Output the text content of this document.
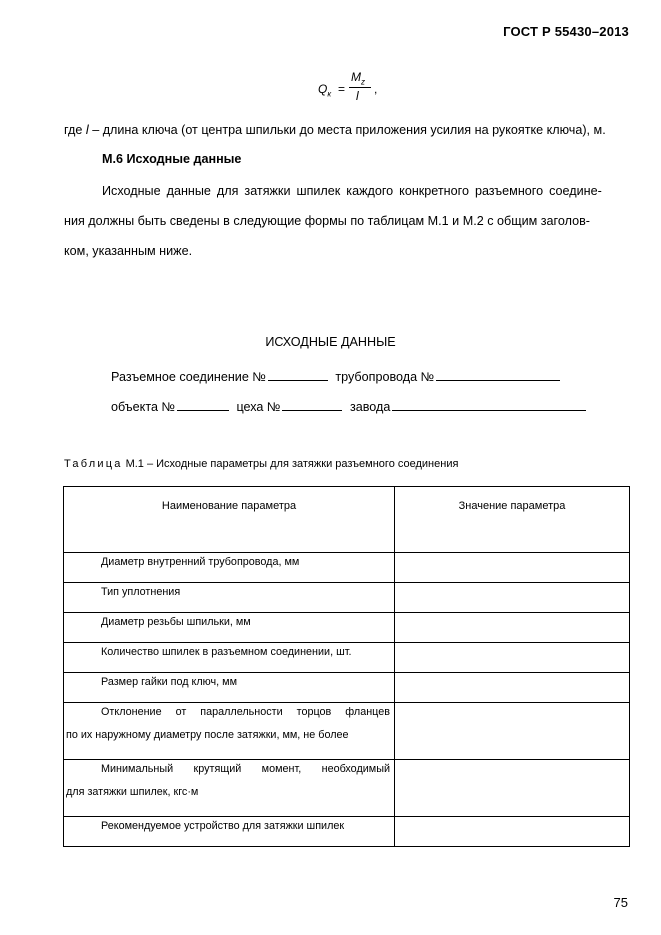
ГОСТ Р 55430–2013
$Q_к$ =
$M_z$
l ,
где l – длина ключа (от центра шпильки до места приложения усилия на рукоятке ключа), м.
М.6 Исходные данные
Исходные данные для затяжки шпилек каждого конкретного разъемного соедине-
ния должны быть сведены в следующие формы по таблицам М.1 и М.2 с общим заголов-
ком, указанным ниже.
ИСХОДНЫЕ ДАННЫЕ
Разъемное соединение №	трубопровода №
объекта №	цеха №	завода
Таблица М.1 – Исходные параметры для затяжки разъемного соединения
Наименование параметра	Значение параметра
Диаметр внутренний трубопровода, мм	
Тип уплотнения	
Диаметр резьбы шпильки, мм	
Количество шпилек в разъемном соединении, шт.	
Размер гайки под ключ, мм	

Отклонение от параллельности торцов фланцев
по их наружному диаметру после затяжки, мм, не более	

Минимальный крутящий момент, необходимый
для затяжки шпилек, кгс·м	

Рекомендуемое устройство для затяжки шпилек	
75
